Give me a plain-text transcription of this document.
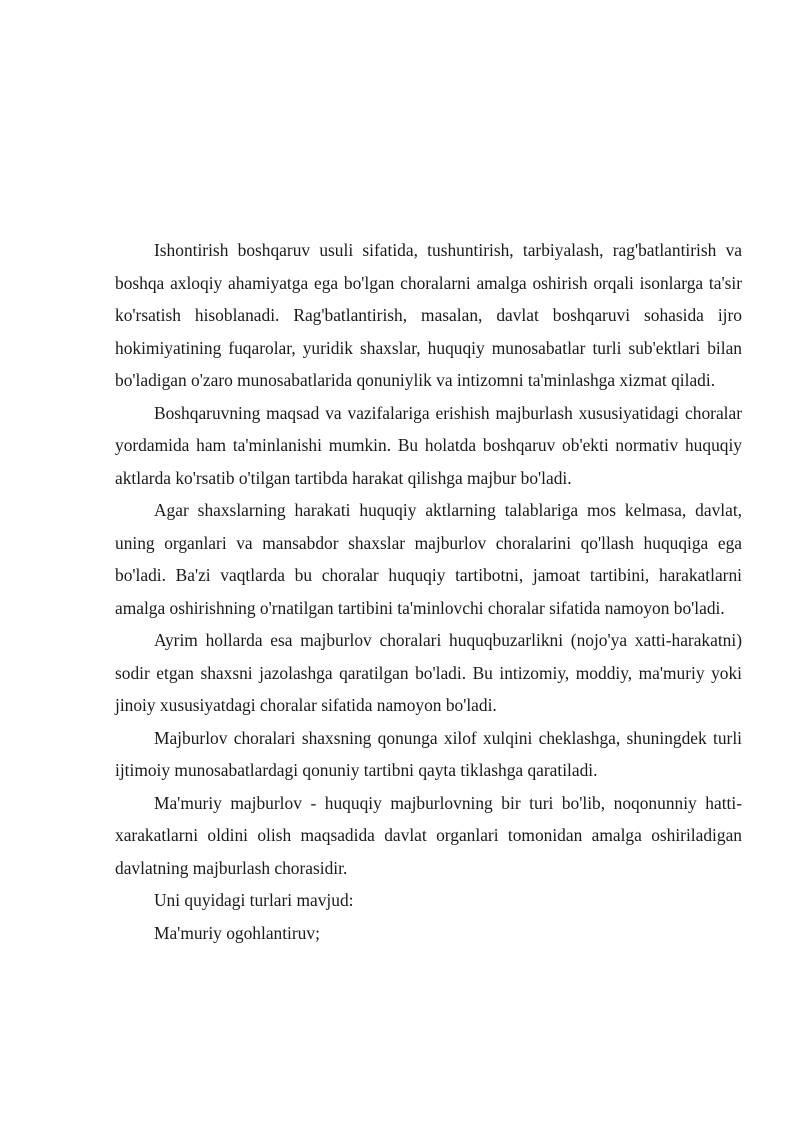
Ishontirish boshqaruv usuli sifatida, tushuntirish, tarbiyalash, rag'batlantirish va boshqa axloqiy ahamiyatga ega bo'lgan choralarni amalga oshirish orqali isonlarga ta'sir ko'rsatish hisoblanadi. Rag'batlantirish, masalan, davlat boshqaruvi sohasida ijro hokimiyatining fuqarolar, yuridik shaxslar, huquqiy munosabatlar turli sub'ektlari bilan bo'ladigan o'zaro munosabatlarida qonuniylik va intizomni ta'minlashga xizmat qiladi.

Boshqaruvning maqsad va vazifalariga erishish majburlash xususiyatidagi choralar yordamida ham ta'minlanishi mumkin. Bu holatda boshqaruv ob'ekti normativ huquqiy aktlarda ko'rsatib o'tilgan tartibda harakat qilishga majbur bo'ladi.

Agar shaxslarning harakati huquqiy aktlarning talablariga mos kelmasa, davlat, uning organlari va mansabdor shaxslar majburlov choralarini qo'llash huquqiga ega bo'ladi. Ba'zi vaqtlarda bu choralar huquqiy tartibotni, jamoat tartibini, harakatlarni amalga oshirishning o'rnatilgan tartibini ta'minlovchi choralar sifatida namoyon bo'ladi.

Ayrim hollarda esa majburlov choralari huquqbuzarlikni (nojo'ya xatti-harakatni) sodir etgan shaxsni jazolashga qaratilgan bo'ladi. Bu intizomiy, moddiy, ma'muriy yoki jinoiy xususiyatdagi choralar sifatida namoyon bo'ladi.

Majburlov choralari shaxsning qonunga xilof xulqini cheklashga, shuningdek turli ijtimoiy munosabatlardagi qonuniy tartibni qayta tiklashga qaratiladi.

Ma'muriy majburlov - huquqiy majburlovning bir turi bo'lib, noqonunniy hatti-xarakatlarni oldini olish maqsadida davlat organlari tomonidan amalga oshiriladigan davlatning majburlash chorasidir.

Uni quyidagi turlari mavjud:

Ma'muriy ogohlantiruv;
